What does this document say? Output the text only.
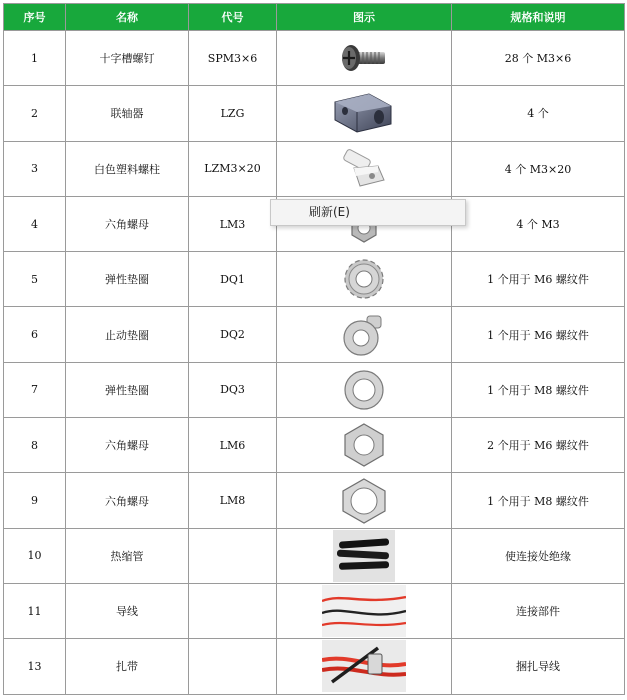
序号	名称	代号	图示	规格和说明
1	十字槽螺钉	SPM3×6		28 个 M3×6
2	联轴器	LZG		4 个
3	白色塑料螺柱	LZM3×20		4 个 M3×20
4	六角螺母	LM3		4 个 M3
5	弹性垫圈	DQ1		1 个用于 M6 螺纹件
6	止动垫圈	DQ2		1 个用于 M6 螺纹件
7	弹性垫圈	DQ3		1 个用于 M8 螺纹件
8	六角螺母	LM6		2 个用于 M6 螺纹件
9	六角螺母	LM8		1 个用于 M8 螺纹件
10	热缩管			使连接处绝缘
11	导线			连接部件
13	扎带			捆扎导线
刷新(E)
